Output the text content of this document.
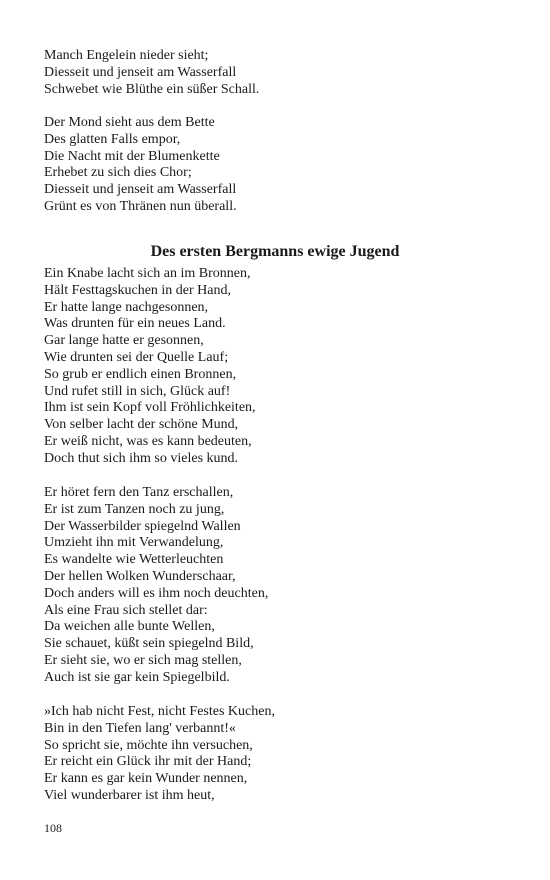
Manch Engelein nieder sieht;
Diesseit und jenseit am Wasserfall
Schwebet wie Blüthe ein süßer Schall.
Der Mond sieht aus dem Bette
Des glatten Falls empor,
Die Nacht mit der Blumenkette
Erhebet zu sich dies Chor;
Diesseit und jenseit am Wasserfall
Grünt es von Thränen nun überall.
Des ersten Bergmanns ewige Jugend
Ein Knabe lacht sich an im Bronnen,
Hält Festtagskuchen in der Hand,
Er hatte lange nachgesonnen,
Was drunten für ein neues Land.
Gar lange hatte er gesonnen,
Wie drunten sei der Quelle Lauf;
So grub er endlich einen Bronnen,
Und rufet still in sich, Glück auf!
Ihm ist sein Kopf voll Fröhlichkeiten,
Von selber lacht der schöne Mund,
Er weiß nicht, was es kann bedeuten,
Doch thut sich ihm so vieles kund.
Er höret fern den Tanz erschallen,
Er ist zum Tanzen noch zu jung,
Der Wasserbilder spiegelnd Wallen
Umzieht ihn mit Verwandelung,
Es wandelte wie Wetterleuchten
Der hellen Wolken Wunderschaar,
Doch anders will es ihm noch deuchten,
Als eine Frau sich stellet dar:
Da weichen alle bunte Wellen,
Sie schauet, küßt sein spiegelnd Bild,
Er sieht sie, wo er sich mag stellen,
Auch ist sie gar kein Spiegelbild.
»Ich hab nicht Fest, nicht Festes Kuchen,
Bin in den Tiefen lang' verbannt!«
So spricht sie, möchte ihn versuchen,
Er reicht ein Glück ihr mit der Hand;
Er kann es gar kein Wunder nennen,
Viel wunderbarer ist ihm heut,
108
